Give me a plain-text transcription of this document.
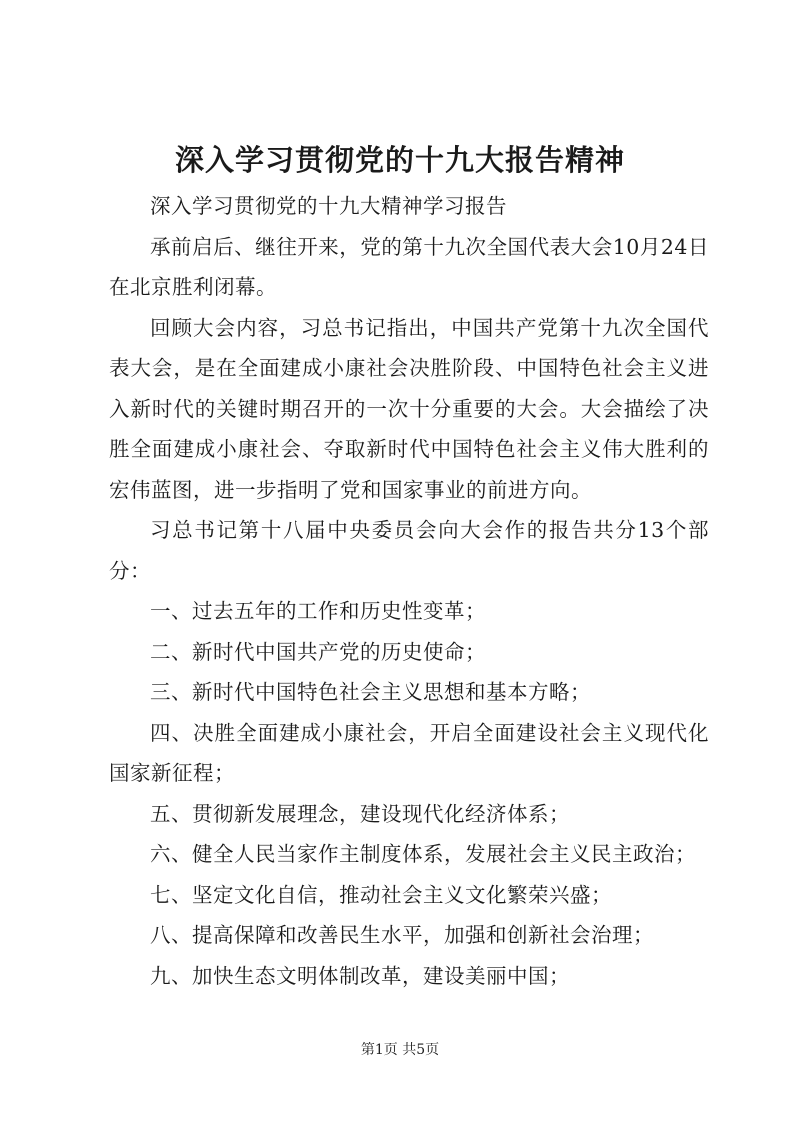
深入学习贯彻党的十九大报告精神

深入学习贯彻党的十九大精神学习报告

承前启后、继往开来，党的第十九次全国代表大会10月24日在北京胜利闭幕。

回顾大会内容，习总书记指出，中国共产党第十九次全国代表大会，是在全面建成小康社会决胜阶段、中国特色社会主义进入新时代的关键时期召开的一次十分重要的大会。大会描绘了决胜全面建成小康社会、夺取新时代中国特色社会主义伟大胜利的宏伟蓝图，进一步指明了党和国家事业的前进方向。

习总书记第十八届中央委员会向大会作的报告共分13个部分：

一、过去五年的工作和历史性变革；

二、新时代中国共产党的历史使命；

三、新时代中国特色社会主义思想和基本方略；

四、决胜全面建成小康社会，开启全面建设社会主义现代化国家新征程；

五、贯彻新发展理念，建设现代化经济体系；

六、健全人民当家作主制度体系，发展社会主义民主政治；

七、坚定文化自信，推动社会主义文化繁荣兴盛；

八、提高保障和改善民生水平，加强和创新社会治理；

九、加快生态文明体制改革，建设美丽中国；

第1页 共5页
